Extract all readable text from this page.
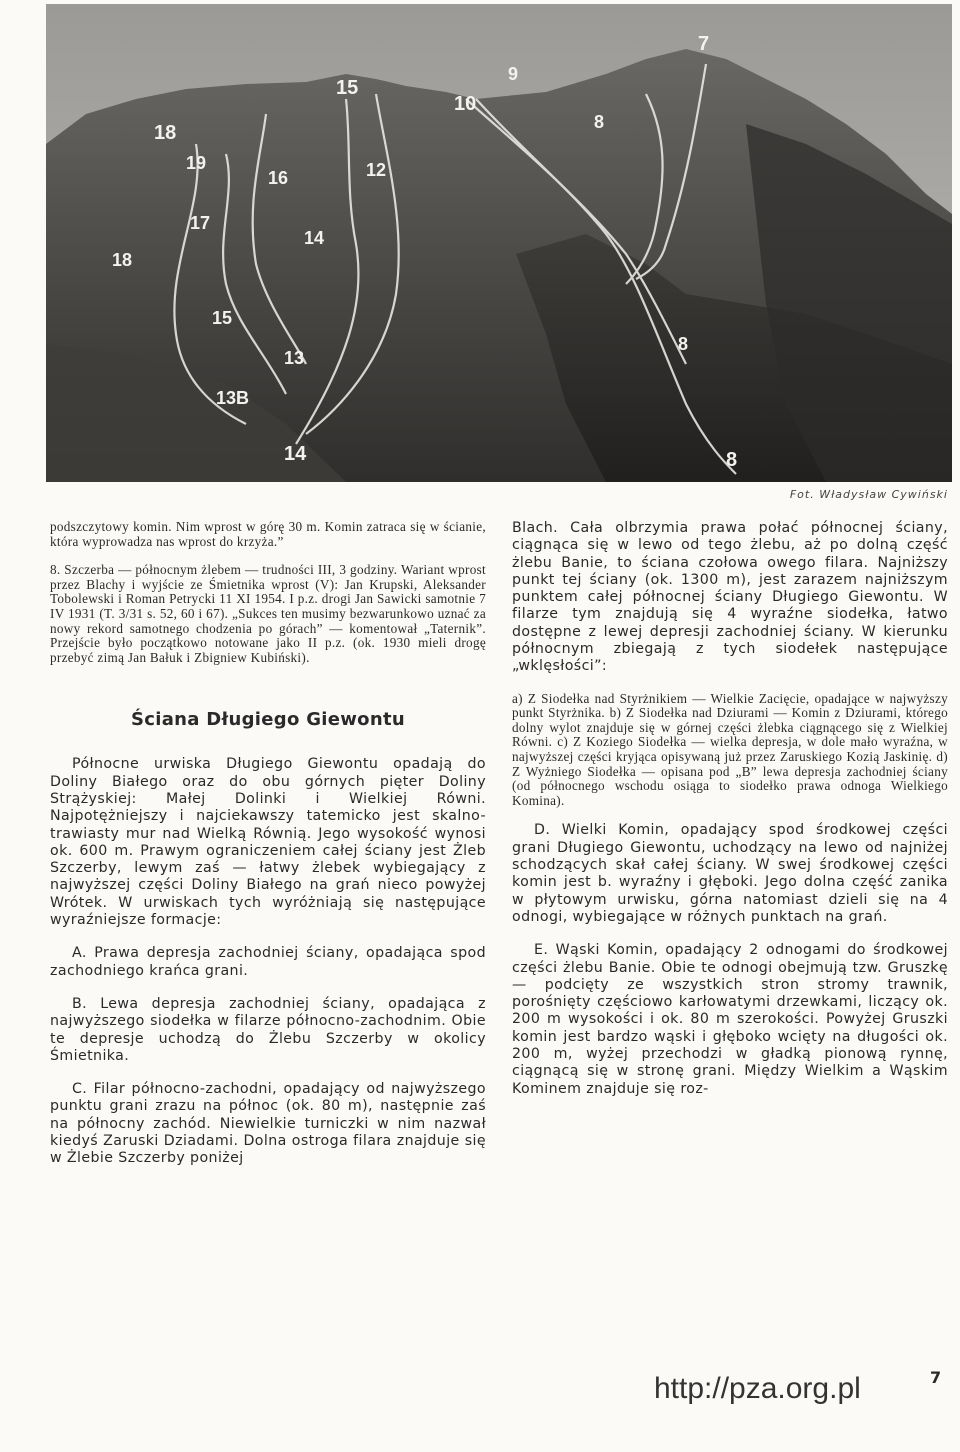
18
19
16
17
18
15
15
12
14
13
13B
14
10
9
8
7
8
8
Fot. Władysław Cywiński

podszczytowy komin. Nim wprost w górę 30 m. Komin zatraca się w ścianie, która wyprowadza nas wprost do krzyża.”

8. Szczerba — północnym żlebem — trudności III, 3 godziny. Wariant wprost przez Blachy i wyjście ze Śmietnika wprost (V): Jan Krupski, Aleksander Tobolewski i Roman Petrycki 11 XI 1954. I p.z. drogi Jan Sawicki samotnie 7 IV 1931 (T. 3/31 s. 52, 60 i 67). „Sukces ten musimy bezwarunkowo uznać za nowy rekord samotnego chodzenia po górach” — komentował „Taternik”. Przejście było początkowo notowane jako II p.z. (ok. 1930 mieli drogę przebyć zimą Jan Bałuk i Zbigniew Kubiński).

Ściana Długiego Giewontu

Północne urwiska Długiego Giewontu opadają do Doliny Białego oraz do obu górnych pięter Doliny Strążyskiej: Małej Dolinki i Wielkiej Równi. Najpotężniejszy i najciekawszy tatemicko jest skalno-trawiasty mur nad Wielką Równią. Jego wysokość wynosi ok. 600 m. Prawym ograniczeniem całej ściany jest Żleb Szczerby, lewym zaś — łatwy żlebek wybiegający z najwyższej części Doliny Białego na grań nieco powyżej Wrótek. W urwiskach tych wyróżniają się następujące wyraźniejsze formacje:

A. Prawa depresja zachodniej ściany, opadająca spod zachodniego krańca grani.

B. Lewa depresja zachodniej ściany, opadająca z najwyższego siodełka w filarze północno-zachodnim. Obie te depresje uchodzą do Żlebu Szczerby w okolicy Śmietnika.

C. Filar północno-zachodni, opadający od najwyższego punktu grani zrazu na północ (ok. 80 m), następnie zaś na północny zachód. Niewielkie turniczki w nim nazwał kiedyś Zaruski Dziadami. Dolna ostroga filara znajduje się w Żlebie Szczerby poniżej

Blach. Cała olbrzymia prawa połać północnej ściany, ciągnąca się w lewo od tego żlebu, aż po dolną część żlebu Banie, to ściana czołowa owego filara. Najniższy punkt tej ściany (ok. 1300 m), jest zarazem najniższym punktem całej północnej ściany Długiego Giewontu. W filarze tym znajdują się 4 wyraźne siodełka, łatwo dostępne z lewej depresji zachodniej ściany. W kierunku północnym zbiegają z tych siodełek następujące „wklęsłości”:

a) Z Siodełka nad Styrżnikiem — Wielkie Zacięcie, opadające w najwyższy punkt Styrżnika. b) Z Siodełka nad Dziurami — Komin z Dziurami, którego dolny wylot znajduje się w górnej części żlebka ciągnącego się z Wielkiej Równi. c) Z Koziego Siodełka — wielka depresja, w dole mało wyraźna, w najwyższej części kryjąca opisywaną już przez Zaruskiego Kozią Jaskinię. d) Z Wyżniego Siodełka — opisana pod „B” lewa depresja zachodniej ściany (od północnego wschodu osiąga to siodełko prawa odnoga Wielkiego Komina).

D. Wielki Komin, opadający spod środkowej części grani Długiego Giewontu, uchodzący na lewo od najniżej schodzących skał całej ściany. W swej środkowej części komin jest b. wyraźny i głęboki. Jego dolna część zanika w płytowym urwisku, górna natomiast dzieli się na 4 odnogi, wybiegające w różnych punktach na grań.

E. Wąski Komin, opadający 2 odnogami do środkowej części żlebu Banie. Obie te odnogi obejmują tzw. Gruszkę — podcięty ze wszystkich stron stromy trawnik, porośnięty częściowo karłowatymi drzewkami, liczący ok. 200 m wysokości i ok. 80 m szerokości. Powyżej Gruszki komin jest bardzo wąski i głęboko wcięty na długości ok. 200 m, wyżej przechodzi w gładką pionową rynnę, ciągnącą się w stronę grani. Między Wielkim a Wąskim Kominem znajduje się roz-

http://pza.org.pl	7
